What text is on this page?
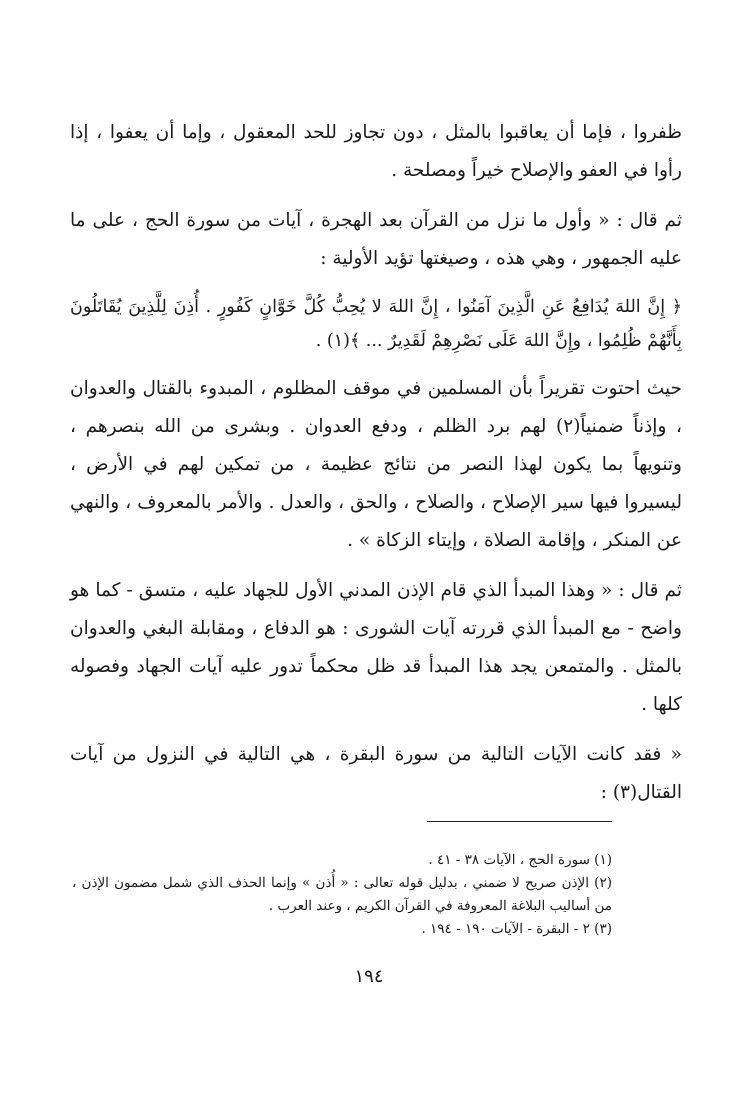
ظفروا ، فإما أن يعاقبوا بالمثل ، دون تجاوز للحد المعقول ، وإما أن يعفوا ، إذا رأوا في العفو والإصلاح خيراً ومصلحة .

ثم قال : « وأول ما نزل من القرآن بعد الهجرة ، آيات من سورة الحج ، على ما عليه الجمهور ، وهي هذه ، وصيغتها تؤيد الأولية :

﴿ إِنَّ اللهَ يُدَافِعُ عَنِ الَّذِينَ آمَنُوا ، إِنَّ اللهَ لا يُحِبُّ كُلَّ خَوَّانٍ كَفُورٍ . أُذِنَ لِلَّذِينَ يُقَاتَلُونَ بِأَنَّهُمْ ظُلِمُوا ، وإِنَّ اللهَ عَلَى نَصْرِهِمْ لَقَدِيرٌ ... ﴾(١) .

حيث احتوت تقريراً بأن المسلمين في موقف المظلوم ، المبدوء بالقتال والعدوان ، وإذناً ضمنياً(٢) لهم برد الظلم ، ودفع العدوان . وبشرى من الله بنصرهم ، وتنويهاً بما يكون لهذا النصر من نتائج عظيمة ، من تمكين لهم في الأرض ، ليسيروا فيها سير الإصلاح ، والصلاح ، والحق ، والعدل . والأمر بالمعروف ، والنهي عن المنكر ، وإقامة الصلاة ، وإيتاء الزكاة » .

ثم قال : « وهذا المبدأ الذي قام الإذن المدني الأول للجهاد عليه ، متسق - كما هو واضح - مع المبدأ الذي قررته آيات الشورى : هو الدفاع ، ومقابلة البغي والعدوان بالمثل . والمتمعن يجد هذا المبدأ قد ظل محكماً تدور عليه آيات الجهاد وفصوله كلها .

« فقد كانت الآيات التالية من سورة البقرة ، هي التالية في النزول من آيات القتال(٣) :

(١) سورة الحج ، الآيات ٣٨ - ٤١ .

(٢) الإذن صريح لا ضمني ، بدليل قوله تعالى : « أُذن » وإنما الحذف الذي شمل مضمون الإذن ، من أساليب البلاغة المعروفة في القرآن الكريم ، وعند العرب .

(٣) ٢ - البقرة - الآيات ١٩٠ - ١٩٤ .

١٩٤
